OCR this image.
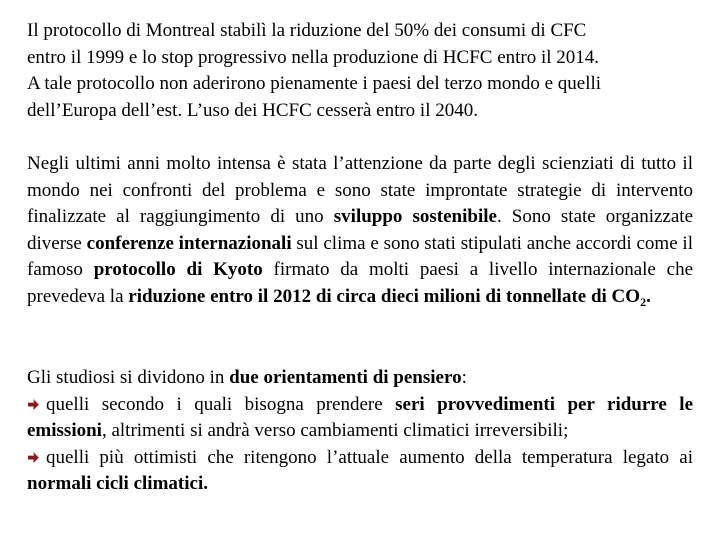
Il protocollo di Montreal stabilì la riduzione del 50% dei consumi di CFC
entro il 1999 e lo stop progressivo nella produzione di HCFC entro il 2014.
A tale protocollo non aderirono pienamente i paesi del terzo mondo e quelli
dell’Europa dell’est. L’uso dei HCFC cesserà entro il 2040.

Negli ultimi anni molto intensa è stata l’attenzione da parte degli scienziati di tutto il mondo nei confronti del problema e sono state improntate strategie di intervento finalizzate al raggiungimento di uno sviluppo sostenibile. Sono state organizzate diverse conferenze internazionali sul clima e sono stati stipulati anche accordi come il famoso protocollo di Kyoto firmato da molti paesi a livello internazionale che prevedeva la riduzione entro il 2012 di circa dieci milioni di tonnellate di $CO_2$.

Gli studiosi si dividono in due orientamenti di pensiero:
quelli secondo i quali bisogna prendere seri provvedimenti per ridurre le emissioni, altrimenti si andrà verso cambiamenti climatici irreversibili;
quelli più ottimisti che ritengono l’attuale aumento della temperatura legato ai normali cicli climatici.
